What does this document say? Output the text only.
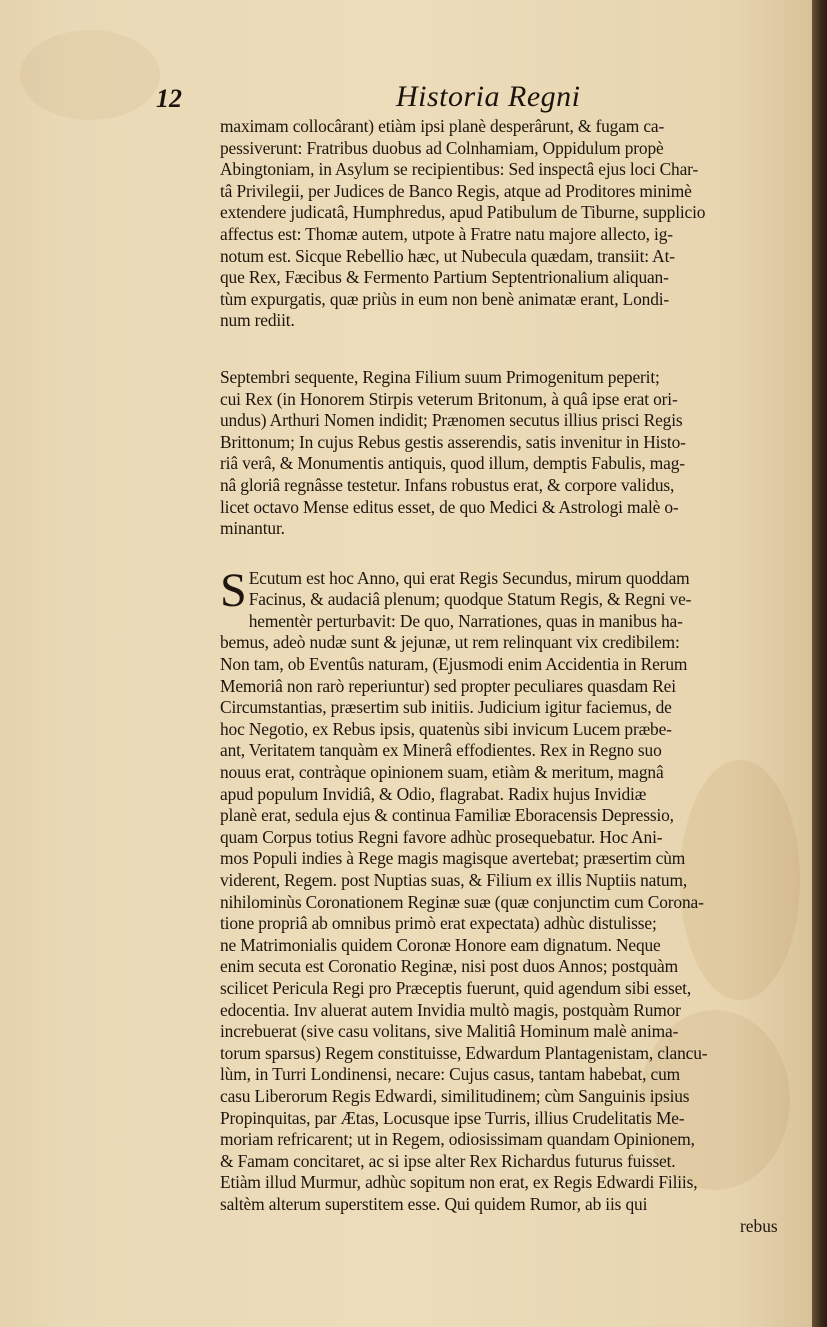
12	Historia Regni
maximam collocârant) etiàm ipsi planè desperârunt, & fugam ca-
pessiverunt: Fratribus duobus ad Colnhamiam, Oppidulum propè
Abingtoniam, in Asylum se recipientibus: Sed inspectâ ejus loci Char-
tâ Privilegii, per Judices de Banco Regis, atque ad Proditores minimè
extendere judicatâ, Humphredus, apud Patibulum de Tiburne, supplicio
affectus est: Thomæ autem, utpote à Fratre natu majore allecto, ig-
notum est. Sicque Rebellio hæc, ut Nubecula quædam, transiit: At-
que Rex, Fæcibus & Fermento Partium Septentrionalium aliquan-
tùm expurgatis, quæ priùs in eum non benè animatæ erant, Londi-
num rediit.
Septembri sequente, Regina Filium suum Primogenitum peperit;
cui Rex (in Honorem Stirpis veterum Britonum, à quâ ipse erat ori-
undus) Arthuri Nomen indidit; Prænomen secutus illius prisci Regis
Brittonum; In cujus Rebus gestis asserendis, satis invenitur in Histo-
riâ verâ, & Monumentis antiquis, quod illum, demptis Fabulis, mag-
nâ gloriâ regnâsse testetur. Infans robustus erat, & corpore validus,
licet octavo Mense editus esset, de quo Medici & Astrologi malè o-
minantur.
S Ecutum est hoc Anno, qui erat Regis Secundus, mirum quoddam
Facinus, & audaciâ plenum; quodque Statum Regis, & Regni ve-
hementèr perturbavit: De quo, Narrationes, quas in manibus ha-
bemus, adeò nudæ sunt & jejunæ, ut rem relinquant vix credibilem:
Non tam, ob Eventûs naturam, (Ejusmodi enim Accidentia in Rerum
Memoriâ non rarò reperiuntur) sed propter peculiares quasdam Rei
Circumstantias, præsertim sub initiis. Judicium igitur faciemus, de
hoc Negotio, ex Rebus ipsis, quatenùs sibi invicum Lucem præbe-
ant, Veritatem tanquàm ex Minerâ effodientes. Rex in Regno suo
nouus erat, contràque opinionem suam, etiàm & meritum, magnâ
apud populum Invidiâ, & Odio, flagrabat. Radix hujus Invidiæ
planè erat, sedula ejus & continua Familiæ Eboracensis Depressio,
quam Corpus totius Regni favore adhùc prosequebatur. Hoc Ani-
mos Populi indies à Rege magis magisque avertebat; præsertim cùm
viderent, Regem. post Nuptias suas, & Filium ex illis Nuptiis natum,
nihilominùs Coronationem Reginæ suæ (quæ conjunctim cum Corona-
tione propriâ ab omnibus primò erat expectata) adhùc distulisse;
ne Matrimonialis quidem Coronæ Honore eam dignatum. Neque
enim secuta est Coronatio Reginæ, nisi post duos Annos; postquàm
scilicet Pericula Regi pro Præceptis fuerunt, quid agendum sibi esset,
edocentia. Inv aluerat autem Invidia multò magis, postquàm Rumor
increbuerat (sive casu volitans, sive Malitiâ Hominum malè anima-
torum sparsus) Regem constituisse, Edwardum Plantagenistam, clancu-
lùm, in Turri Londinensi, necare: Cujus casus, tantam habebat, cum
casu Liberorum Regis Edwardi, similitudinem; cùm Sanguinis ipsius
Propinquitas, par Ætas, Locusque ipse Turris, illius Crudelitatis Me-
moriam refricarent; ut in Regem, odiosissimam quandam Opinionem,
& Famam concitaret, ac si ipse alter Rex Richardus futurus fuisset.
Etiàm illud Murmur, adhùc sopitum non erat, ex Regis Edwardi Filiis,
saltèm alterum superstitem esse. Qui quidem Rumor, ab iis qui
rebus
